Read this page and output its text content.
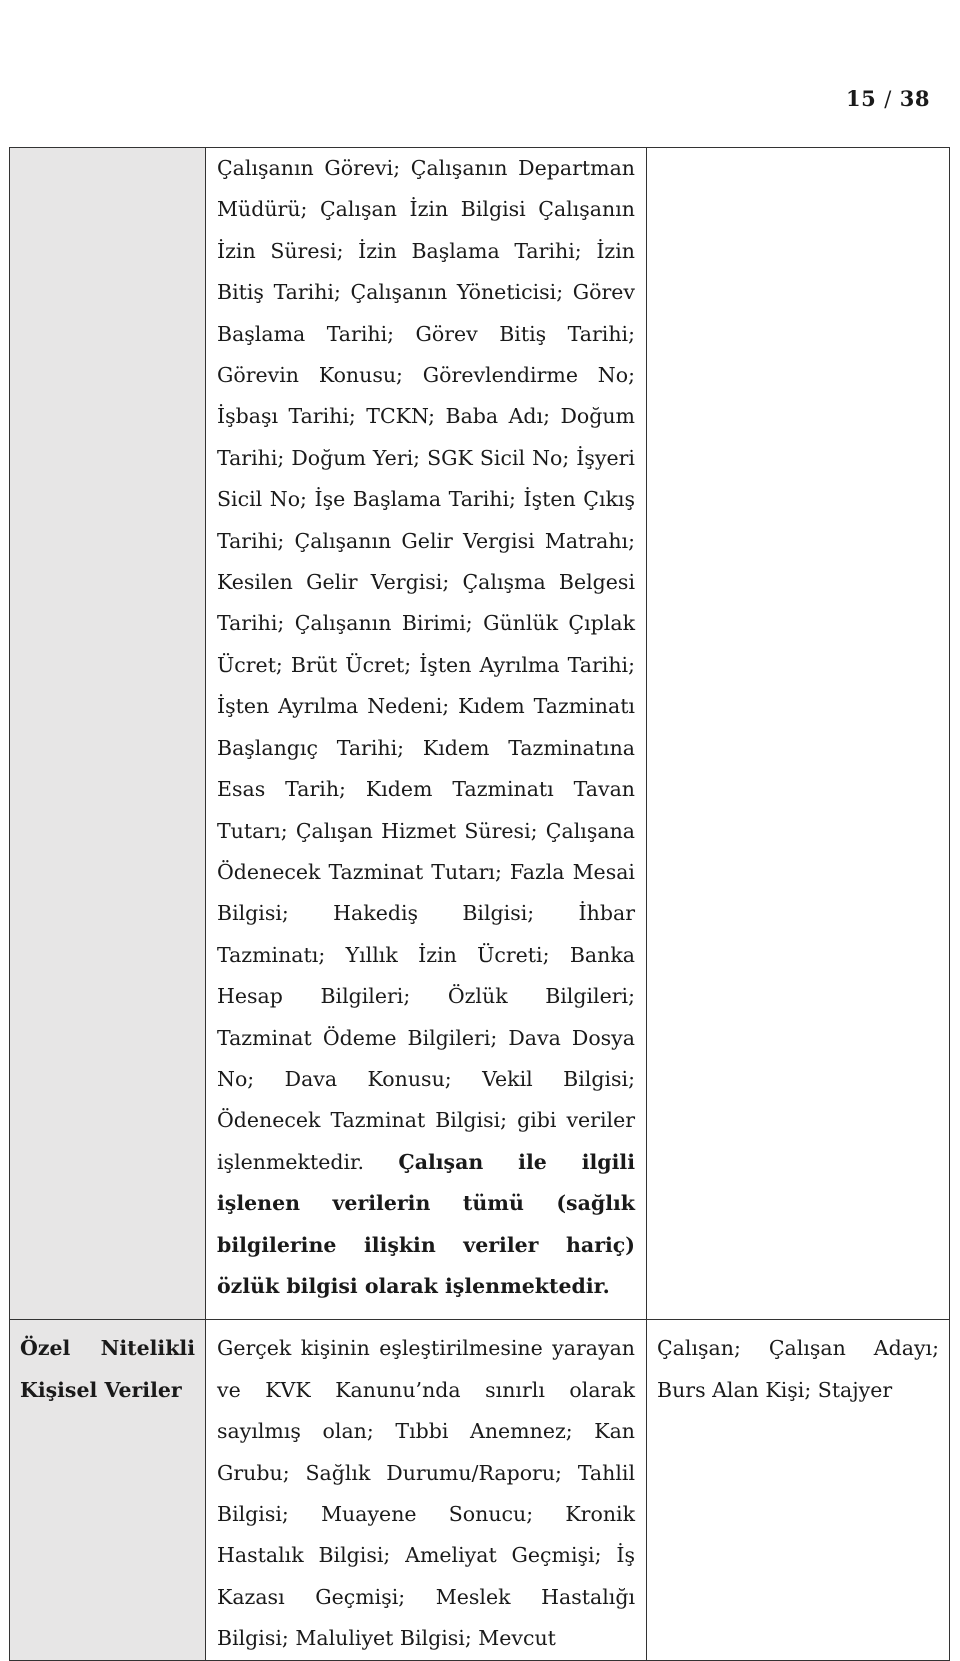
15 / 38
	Çalışanın Görevi; Çalışanın Departman Müdürü; Çalışan İzin Bilgisi Çalışanın İzin Süresi; İzin Başlama Tarihi; İzin Bitiş Tarihi; Çalışanın Yöneticisi; Görev Başlama Tarihi; Görev Bitiş Tarihi; Görevin Konusu; Görevlendirme No; İşbaşı Tarihi; TCKN; Baba Adı; Doğum Tarihi; Doğum Yeri; SGK Sicil No; İşyeri Sicil No; İşe Başlama Tarihi; İşten Çıkış Tarihi; Çalışanın Gelir Vergisi Matrahı; Kesilen Gelir Vergisi; Çalışma Belgesi Tarihi; Çalışanın Birimi; Günlük Çıplak Ücret; Brüt Ücret; İşten Ayrılma Tarihi; İşten Ayrılma Nedeni; Kıdem Tazminatı Başlangıç Tarihi; Kıdem Tazminatına Esas Tarih; Kıdem Tazminatı Tavan Tutarı; Çalışan Hizmet Süresi; Çalışana Ödenecek Tazminat Tutarı; Fazla Mesai Bilgisi; Hakediş Bilgisi; İhbar Tazminatı; Yıllık İzin Ücreti; Banka Hesap Bilgileri; Özlük Bilgileri; Tazminat Ödeme Bilgileri; Dava Dosya No; Dava Konusu; Vekil Bilgisi; Ödenecek Tazminat Bilgisi; gibi veriler işlenmektedir. Çalışan ile ilgili işlenen verilerin tümü (sağlık bilgilerine ilişkin veriler hariç) özlük bilgisi olarak işlenmektedir.	
Özel Nitelikli Kişisel Veriler	Gerçek kişinin eşleştirilmesine yarayan ve KVK Kanunu’nda sınırlı olarak sayılmış olan; Tıbbi Anemnez; Kan Grubu; Sağlık Durumu/Raporu; Tahlil Bilgisi; Muayene Sonucu; Kronik Hastalık Bilgisi; Ameliyat Geçmişi; İş Kazası Geçmişi; Meslek Hastalığı Bilgisi; Maluliyet Bilgisi; Mevcut	Çalışan; Çalışan Adayı; Burs Alan Kişi; Stajyer
